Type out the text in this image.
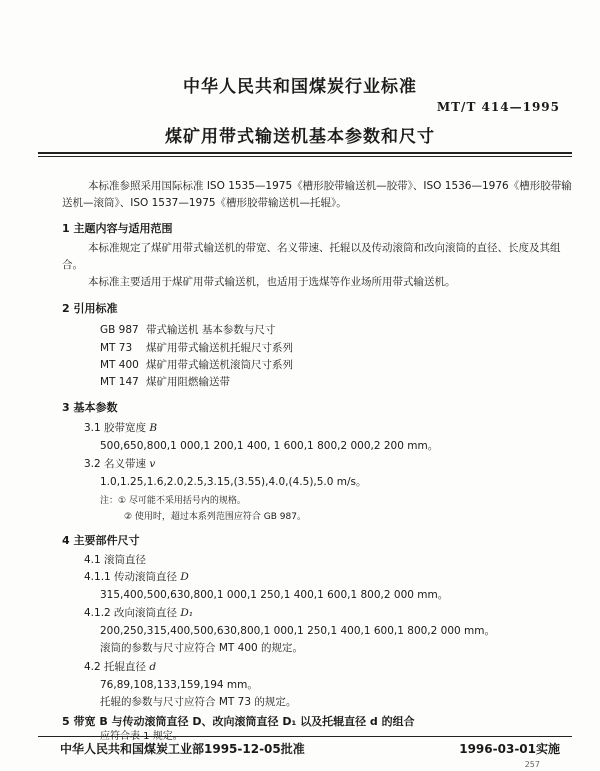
中华人民共和国煤炭行业标准
MT/T 414—1995
煤矿用带式输送机基本参数和尺寸
本标准参照采用国际标准 ISO 1535—1975《槽形胶带输送机—胶带》、ISO 1536—1976《槽形胶带输送机—滚筒》、ISO 1537—1975《槽形胶带输送机—托辊》。
1 主题内容与适用范围
本标准规定了煤矿用带式输送机的带宽、名义带速、托辊以及传动滚筒和改向滚筒的直径、长度及其组合。
本标准主要适用于煤矿用带式输送机，也适用于选煤等作业场所用带式输送机。
2 引用标准
GB 987 带式输送机 基本参数与尺寸
MT 73 煤矿用带式输送机托辊尺寸系列
MT 400 煤矿用带式输送机滚筒尺寸系列
MT 147 煤矿用阻燃输送带
3 基本参数
3.1 胶带宽度 B
500,650,800,1 000,1 200,1 400, 1 600,1 800,2 000,2 200 mm。
3.2 名义带速 v
1.0,1.25,1.6,2.0,2.5,3.15,(3.55),4.0,(4.5),5.0 m/s。
注：① 尽可能不采用括号内的规格。
② 使用时，超过本系列范围应符合 GB 987。
4 主要部件尺寸
4.1 滚筒直径
4.1.1 传动滚筒直径 D
315,400,500,630,800,1 000,1 250,1 400,1 600,1 800,2 000 mm。
4.1.2 改向滚筒直径 D₁
200,250,315,400,500,630,800,1 000,1 250,1 400,1 600,1 800,2 000 mm。
滚筒的参数与尺寸应符合 MT 400 的规定。
4.2 托辊直径 d
76,89,108,133,159,194 mm。
托辊的参数与尺寸应符合 MT 73 的规定。
5 带宽 B 与传动滚筒直径 D、改向滚筒直径 D₁ 以及托辊直径 d 的组合
应符合表 1 规定。
中华人民共和国煤炭工业部1995-12-05批准	1996-03-01实施
257
